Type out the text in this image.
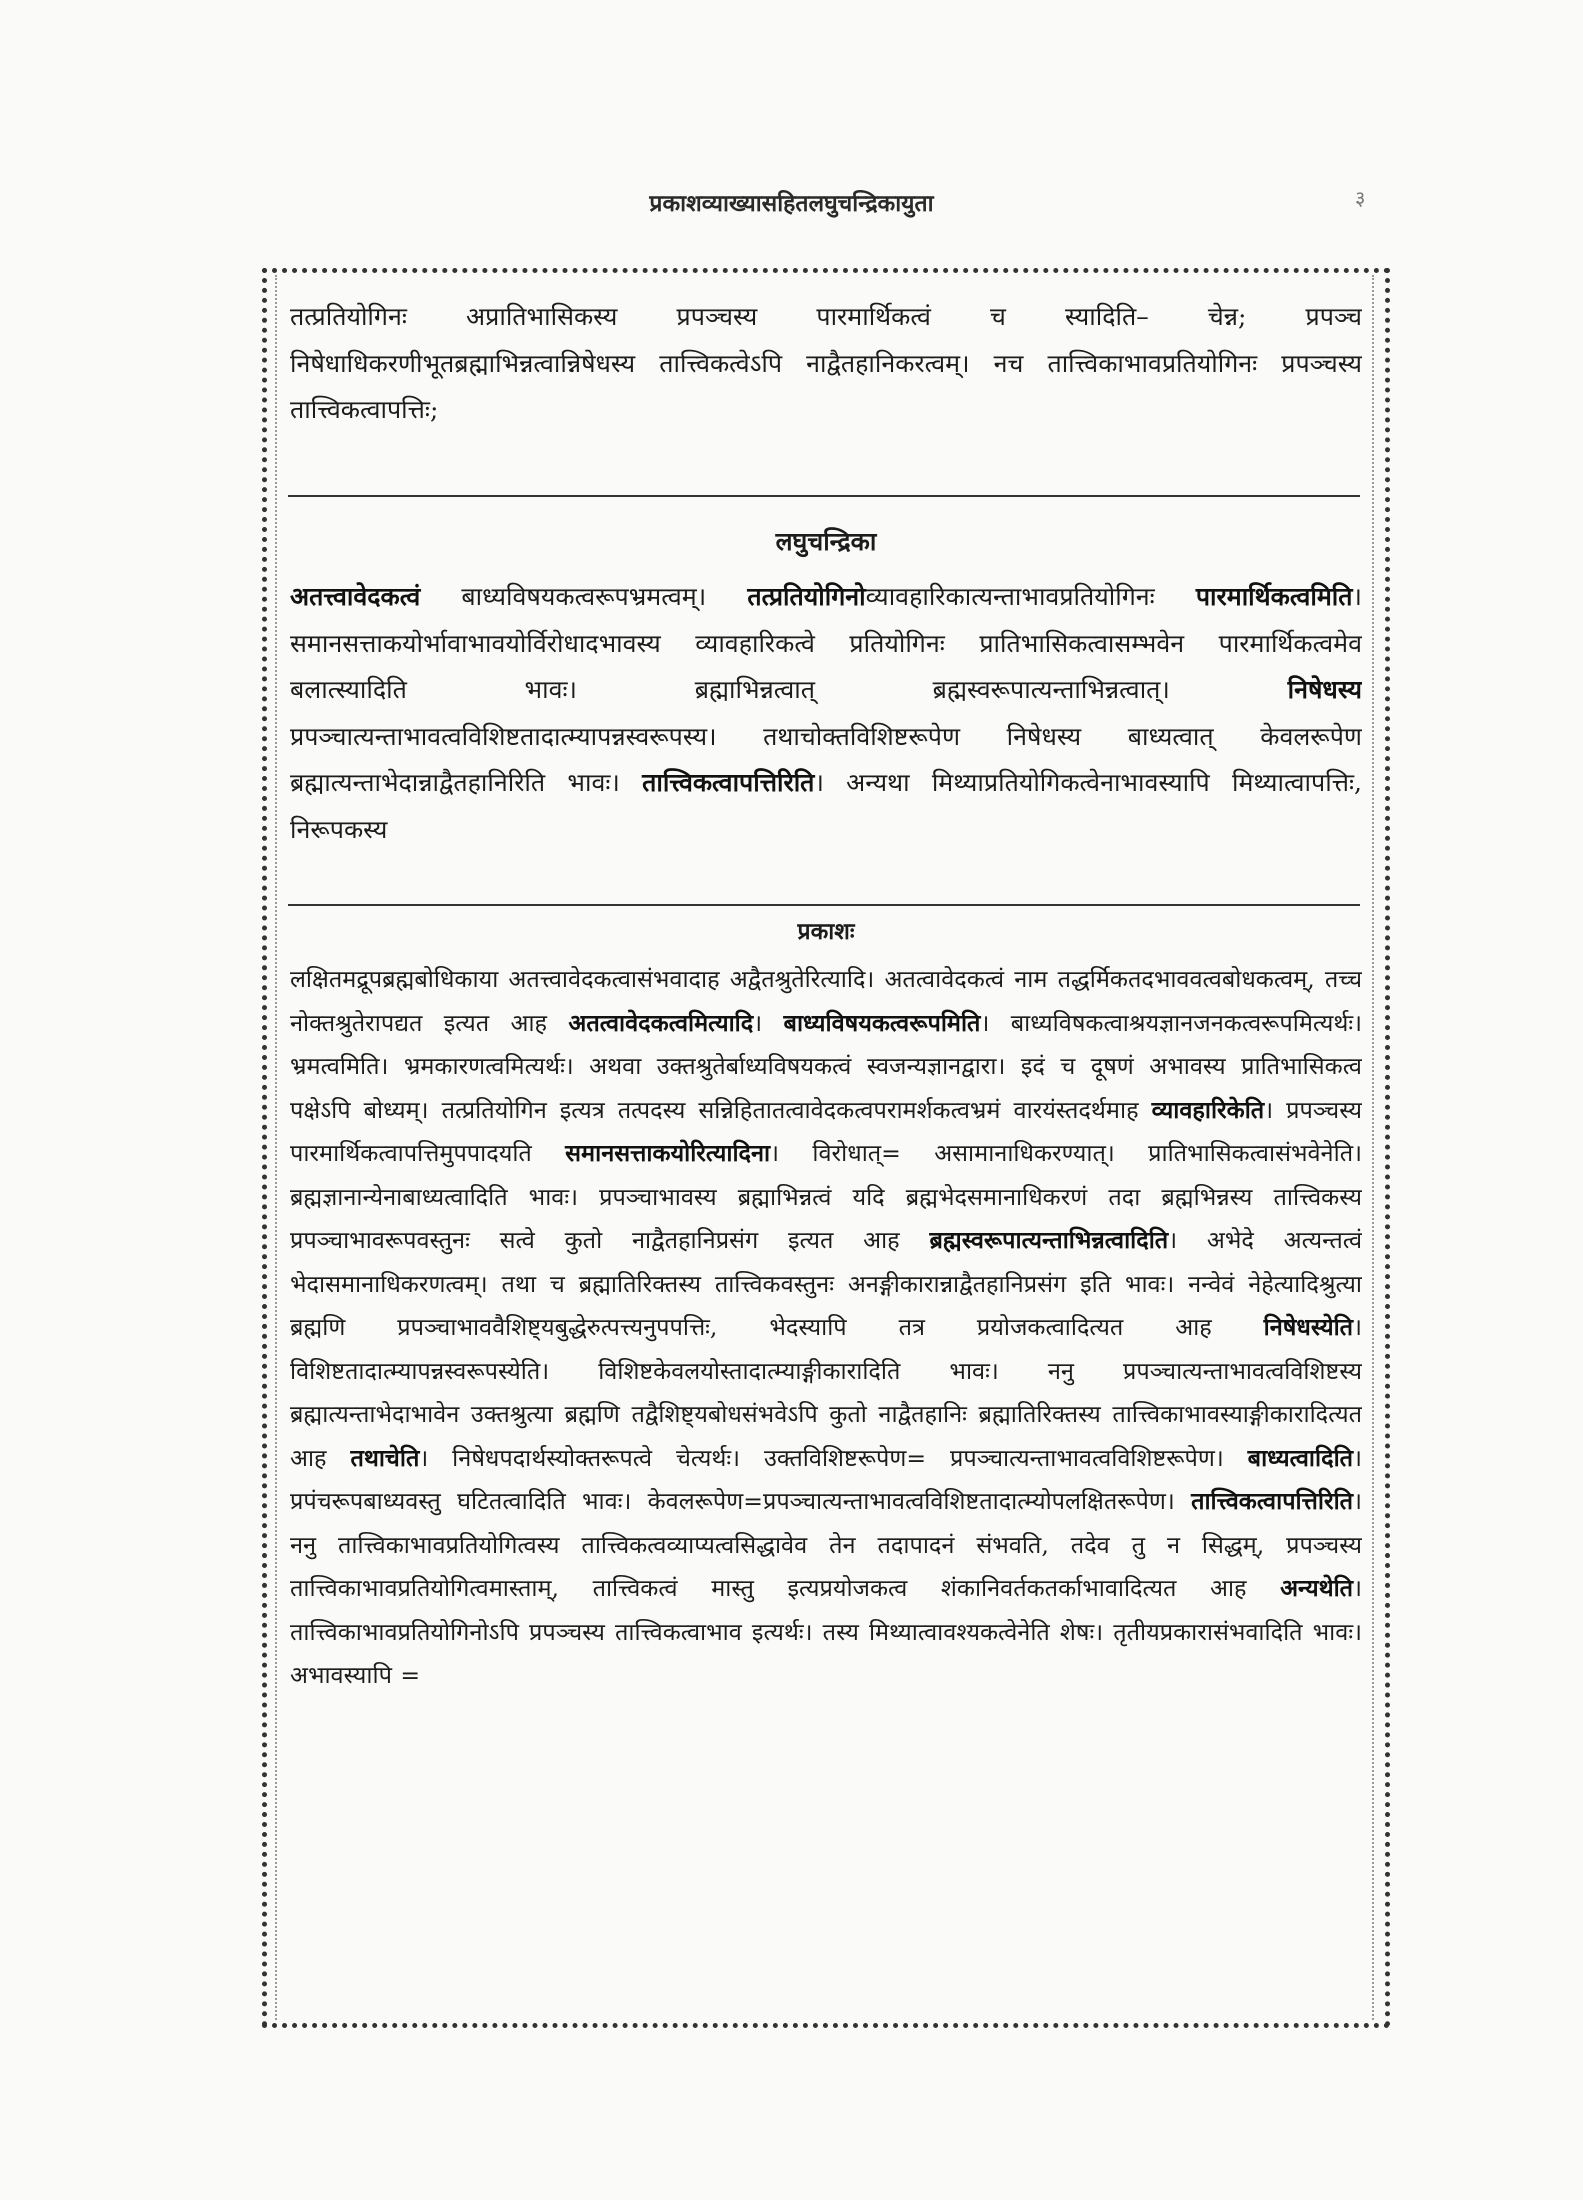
प्रकाशव्याख्यासहितलघुचन्द्रिकायुता	३
तत्प्रतियोगिनः अप्रातिभासिकस्य प्रपञ्चस्य पारमार्थिकत्वं च स्यादिति– चेन्न; प्रपञ्च निषेधाधिकरणीभूतब्रह्माभिन्नत्वान्निषेधस्य तात्त्विकत्वेऽपि नाद्वैतहानिकरत्वम्। नच तात्त्विकाभावप्रतियोगिनः प्रपञ्चस्य तात्त्विकत्वापत्तिः;
लघुचन्द्रिका
अतत्त्वावेदकत्वं बाध्यविषयकत्वरूपभ्रमत्वम्। तत्प्रतियोगिनोव्यावहारिकात्यन्ताभावप्रतियोगिनः पारमार्थिकत्वमिति। समानसत्ताकयोर्भावाभावयोर्विरोधादभावस्य व्यावहारिकत्वे प्रतियोगिनः प्रातिभासिकत्वासम्भवेन पारमार्थिकत्वमेव बलात्स्यादिति भावः। ब्रह्माभिन्नत्वात् ब्रह्मस्वरूपात्यन्ताभिन्नत्वात्। निषेधस्य प्रपञ्चात्यन्ताभावत्वविशिष्टतादात्म्यापन्नस्वरूपस्य। तथाचोक्तविशिष्टरूपेण निषेधस्य बाध्यत्वात् केवलरूपेण ब्रह्मात्यन्ताभेदान्नाद्वैतहानिरिति भावः। तात्त्विकत्वापत्तिरिति। अन्यथा मिथ्याप्रतियोगिकत्वेनाभावस्यापि मिथ्यात्वापत्तिः, निरूपकस्य
प्रकाशः
लक्षितमद्रूपब्रह्मबोधिकाया अतत्त्वावेदकत्वासंभवादाह अद्वैतश्रुतेरित्यादि। अतत्वावेदकत्वं नाम तद्धर्मिकतदभाववत्वबोधकत्वम्, तच्च नोक्तश्रुतेरापद्यत इत्यत आह अतत्वावेदकत्वमित्यादि। बाध्यविषयकत्वरूपमिति। बाध्यविषकत्वाश्रयज्ञानजनकत्वरूपमित्यर्थः। भ्रमत्वमिति। भ्रमकारणत्वमित्यर्थः। अथवा उक्तश्रुतेर्बाध्यविषयकत्वं स्वजन्यज्ञानद्वारा। इदं च दूषणं अभावस्य प्रातिभासिकत्व पक्षेऽपि बोध्यम्। तत्प्रतियोगिन इत्यत्र तत्पदस्य सन्निहितातत्वावेदकत्वपरामर्शकत्वभ्रमं वारयंस्तदर्थमाह व्यावहारिकेति। प्रपञ्चस्य पारमार्थिकत्वापत्तिमुपपादयति समानसत्ताकयोरित्यादिना। विरोधात्= असामानाधिकरण्यात्। प्रातिभासिकत्वासंभवेनेति। ब्रह्मज्ञानान्येनाबाध्यत्वादिति भावः। प्रपञ्चाभावस्य ब्रह्माभिन्नत्वं यदि ब्रह्मभेदसमानाधिकरणं तदा ब्रह्मभिन्नस्य तात्त्विकस्य प्रपञ्चाभावरूपवस्तुनः सत्वे कुतो नाद्वैतहानिप्रसंग इत्यत आह ब्रह्मस्वरूपात्यन्ताभिन्नत्वादिति। अभेदे अत्यन्तत्वं भेदासमानाधिकरणत्वम्। तथा च ब्रह्मातिरिक्तस्य तात्त्विकवस्तुनः अनङ्गीकारान्नाद्वैतहानिप्रसंग इति भावः। नन्वेवं नेहेत्यादिश्रुत्या ब्रह्मणि प्रपञ्चाभाववैशिष्ट्यबुद्धेरुत्पत्त्यनुपपत्तिः, भेदस्यापि तत्र प्रयोजकत्वादित्यत आह निषेधस्येति। विशिष्टतादात्म्यापन्नस्वरूपस्येति। विशिष्टकेवलयोस्तादात्म्याङ्गीकारादिति भावः। ननु प्रपञ्चात्यन्ताभावत्वविशिष्टस्य ब्रह्मात्यन्ताभेदाभावेन उक्तश्रुत्या ब्रह्मणि तद्वैशिष्ट्यबोधसंभवेऽपि कुतो नाद्वैतहानिः ब्रह्मातिरिक्तस्य तात्त्विकाभावस्याङ्गीकारादित्यत आह तथाचेति। निषेधपदार्थस्योक्तरूपत्वे चेत्यर्थः। उक्तविशिष्टरूपेण= प्रपञ्चात्यन्ताभावत्वविशिष्टरूपेण। बाध्यत्वादिति। प्रपंचरूपबाध्यवस्तु घटितत्वादिति भावः। केवलरूपेण=प्रपञ्चात्यन्ताभावत्वविशिष्टतादात्म्योपलक्षितरूपेण। तात्त्विकत्वापत्तिरिति। ननु तात्त्विकाभावप्रतियोगित्वस्य तात्त्विकत्वव्याप्यत्वसिद्धावेव तेन तदापादनं संभवति, तदेव तु न सिद्धम्, प्रपञ्चस्य तात्त्विकाभावप्रतियोगित्वमास्ताम्, तात्त्विकत्वं मास्तु इत्यप्रयोजकत्व शंकानिवर्तकतर्काभावादित्यत आह अन्यथेति। तात्त्विकाभावप्रतियोगिनोऽपि प्रपञ्चस्य तात्त्विकत्वाभाव इत्यर्थः। तस्य मिथ्यात्वावश्यकत्वेनेति शेषः। तृतीयप्रकारासंभवादिति भावः। अभावस्यापि =
